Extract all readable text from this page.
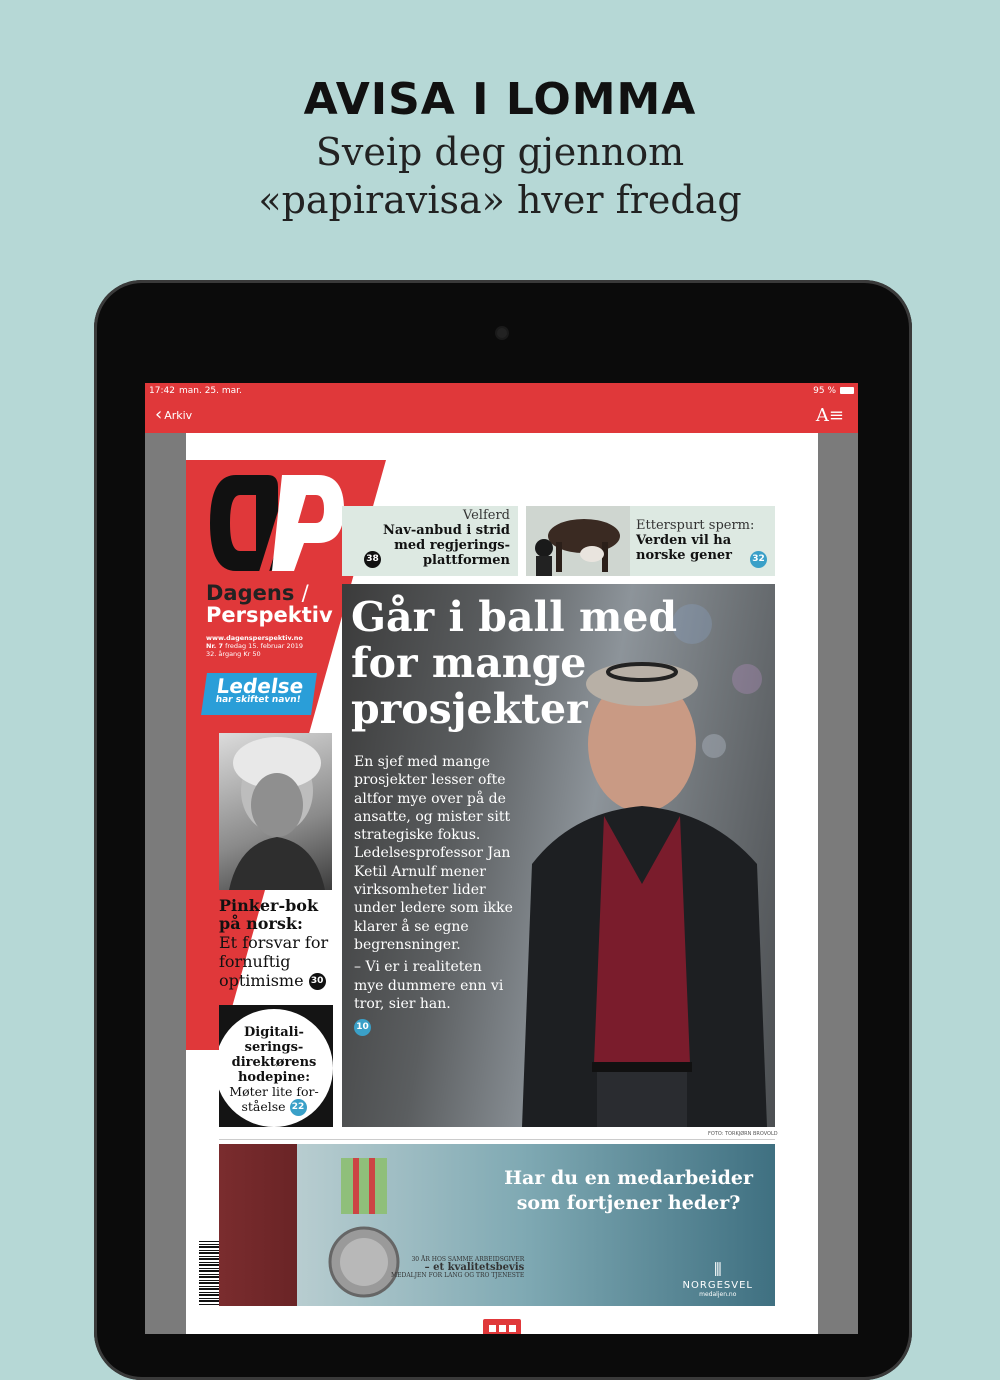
AVISA I LOMMA
Sveip deg gjennom
«papiravisa» hver fredag
17:42 man. 25. mar.	95 %
‹ Arkiv	A≡
Dagens /
Perspektiv
www.dagensperspektiv.no
Nr. 7 fredag 15. februar 2019
32. årgang Kr 50
Ledelse
har skiftet navn!
Pinker-bok på norsk:
Et forsvar for fornuftig optimisme 30
Digitali-serings-direktørens hodepine:
Møter lite for-ståelse 22
Velferd
Nav-anbud i strid med regjerings-plattformen
38
Etterspurt sperm:
Verden vil ha norske gener	32
Går i ball med for mange prosjekter
En sjef med mange prosjekter lesser ofte altfor mye over på de ansatte, og mister sitt strategiske fokus. Ledelsesprofessor Jan Ketil Arnulf mener virksomheter lider under ledere som ikke klarer å se egne begrensninger.
– Vi er i realiteten mye dummere enn vi tror, sier han.
10
FOTO: TORKJØRN BROVOLD
Har du en medarbeider
som fortjener heder?
30 ÅR HOS SAMME ARBEIDSGIVER
– et kvalitetsbevis
MEDALJEN FOR LANG OG TRO TJENESTE	⦀
NORGESVEL
medaljen.no
